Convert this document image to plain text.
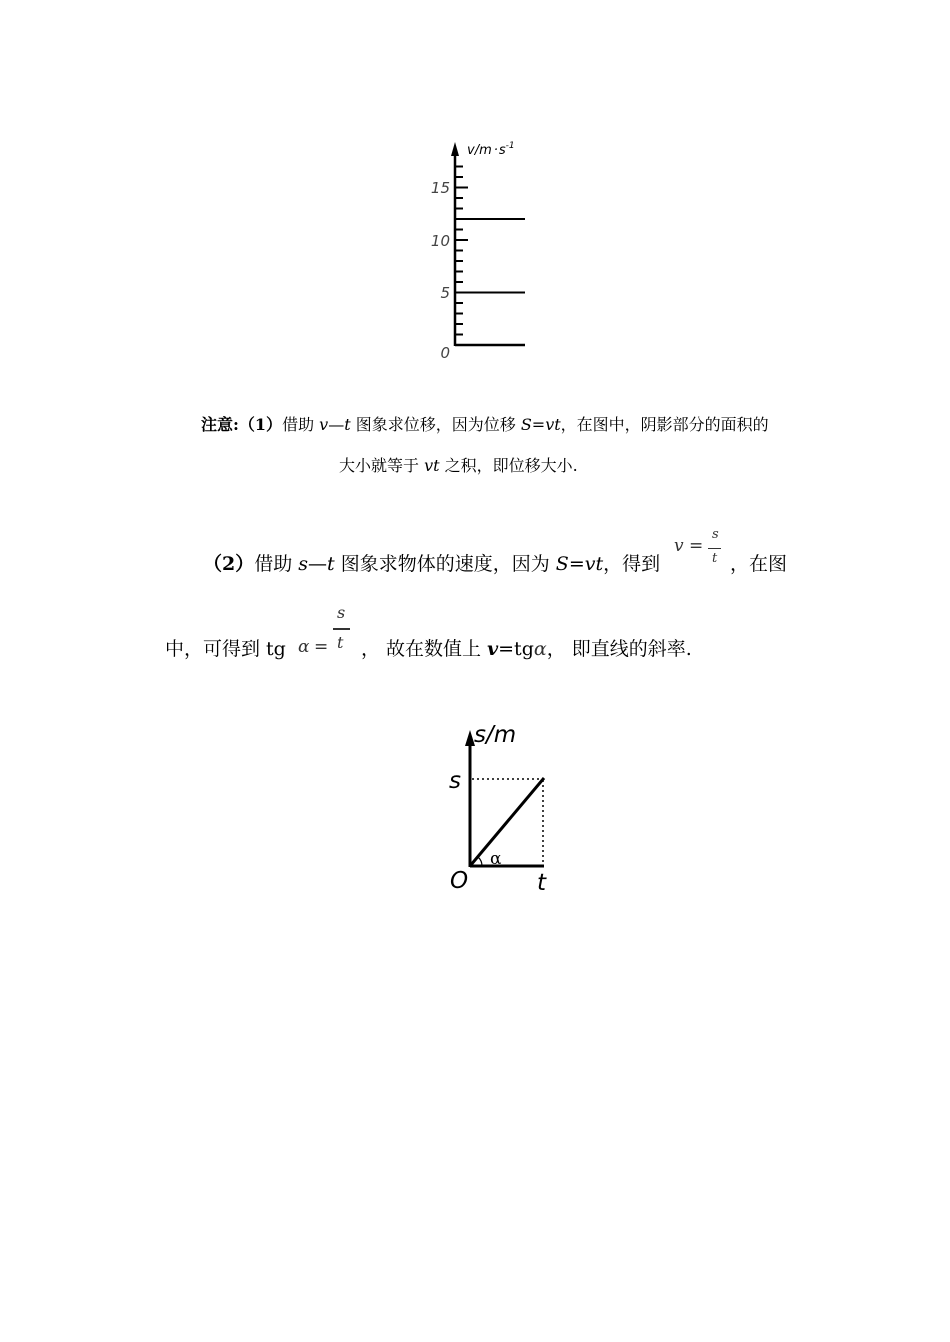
$v/m \cdot s^{-1}$
15
10
5
0
注意:（1）借助 v—t 图象求位移，因为位移 S=vt，在图中，阴影部分的面积的
大小就等于 vt 之积，即位移大小.
（2）借助 s—t 图象求物体的速度，因为 S=vt，得到
v =
s
t ，在图
中，可得到 tg α =
s
t ， 故在数值上 v=tgα， 即直线的斜率.
s/m
s
O	t
α
